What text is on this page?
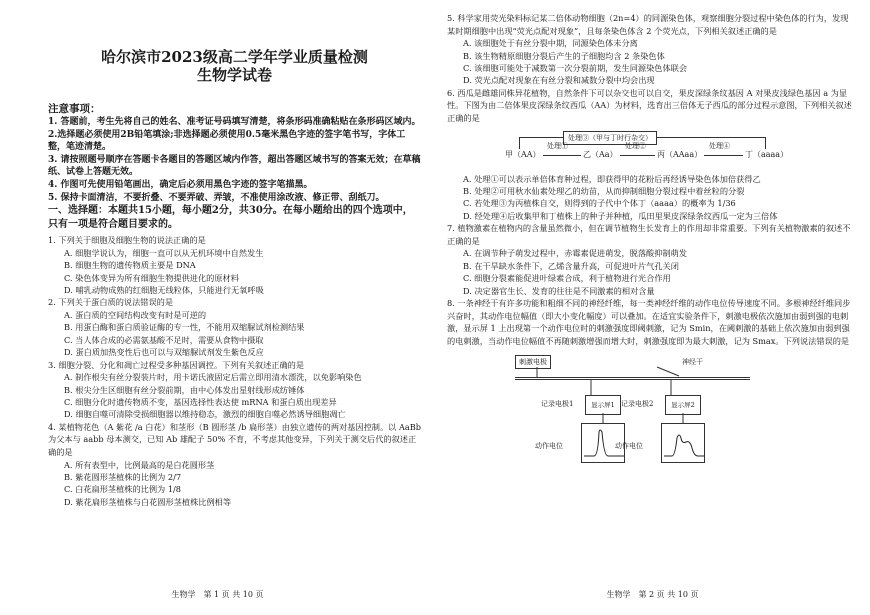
哈尔滨市2023级高二学年学业质量检测
生物学试卷
注意事项：
1. 答题前，考生先将自己的姓名、准考证号码填写清楚，将条形码准确粘贴在条形码区域内。
2.选择题必须使用2B铅笔填涂;非选择题必须使用0.5毫米黑色字迹的签字笔书写，字体工整，笔迹清楚。
3. 请按照题号顺序在答题卡各题目的答题区域内作答，超出答题区域书写的答案无效；在草稿纸、试卷上答题无效。
4. 作图可先使用铅笔画出，确定后必须用黑色字迹的签字笔描黑。
5. 保持卡面清洁，不要折叠、不要弄破、弄皱，不准使用涂改液、修正带、刮纸刀。
一、选择题：本题共15小题，每小题2分，共30分。在每小题给出的四个选项中，只有一项是符合题目要求的。
1. 下列关于细胞及细胞生物的说法正确的是
A. 细胞学说认为，细胞一直可以从无机环境中自然发生
B. 细胞生物的遗传物质主要是 DNA
C. 染色体变异为所有细胞生物提供进化的原材料
D. 哺乳动物成熟的红细胞无线粒体，只能进行无氧呼吸
2. 下列关于蛋白质的说法错误的是
A. 蛋白质的空间结构改变有时是可逆的
B. 用蛋白酶和蛋白质验证酶的专一性，不能用双缩脲试剂检测结果
C. 当人体合成的必需氨基酸不足时，需要从食物中摄取
D. 蛋白质加热变性后也可以与双缩脲试剂发生紫色反应
3. 细胞分裂、分化和凋亡过程受多种基因调控。下列有关叙述正确的是
A. 制作根尖有丝分裂装片时，用卡诺氏液固定后需立即用清水漂洗，以免影响染色
B. 根尖分生区细胞有丝分裂前期，由中心体发出星射线形成纺锤体
C. 细胞分化时遗传物质不变，基因选择性表达使 mRNA 和蛋白质出现差异
D. 细胞自噬可清除受损细胞器以维持稳态，激烈的细胞自噬必然诱导细胞凋亡
4. 某植物花色（A 紫花 /a 白花）和茎形（B 圆形茎 /b 扁形茎）由独立遗传的两对基因控制。以 AaBb 为父本与 aabb 母本测交，已知 Ab 雄配子 50% 不育，不考虑其他变异，下列关于测交后代的叙述正确的是
A. 所有表型中，比例最高的是白花圆形茎
B. 紫花圆形茎植株的比例为 2/7
C. 白花扁形茎植株的比例为 1/8
D. 紫花扁形茎植株与白花圆形茎植株比例相等
生物学　第 1 页 共 10 页
5. 科学家用荧光染料标记某二倍体动物细胞（2n=4）的同源染色体，观察细胞分裂过程中染色体的行为，发现某时期细胞中出现“荧光点配对现象”，且每条染色体含 2 个荧光点，下列相关叙述正确的是
A. 该细胞处于有丝分裂中期，同源染色体未分离
B. 该生物精原细胞分裂后产生的子细胞均含 2 条染色体
C. 该细胞可能处于减数第一次分裂前期，发生同源染色体联会
D. 荧光点配对现象在有丝分裂和减数分裂中均会出现
6. 西瓜是雌雄同株异花植物，自然条件下可以杂交也可以自交，果皮深绿条纹基因 A 对果皮浅绿色基因 a 为显性。下图为由二倍体果皮深绿条纹西瓜（AA）为材料，选育出三倍体无子西瓜的部分过程示意图，下列相关叙述正确的是
处理③（甲与丁时行杂交）
甲（AA）
处理①
乙（Aa）
处理②
丙（AAaa）
处理④
丁（aaaa）
A. 处理①可以表示单倍体育种过程，即获得甲的花粉后再经诱导染色体加倍获得乙
B. 处理②可用秋水仙素处理乙的幼苗，从而抑制细胞分裂过程中着丝粒的分裂
C. 若处理③为丙植株自交，则得到的子代中个体丁（aaaa）的概率为 1/36
D. 经处理④后收集甲和丁植株上的种子并种植，瓜田里果皮深绿条纹西瓜一定为三倍体
7. 植物激素在植物内的含量虽然微小，但在调节植物生长发育上的作用却非常重要。下列有关植物激素的叙述不正确的是
A. 在调节种子萌发过程中，赤霉素促进萌发，脱落酸抑制萌发
B. 在干旱缺水条件下，乙烯含量升高，可促进叶片气孔关闭
C. 细胞分裂素能促进叶绿素合成，利于植物进行光合作用
D. 决定器官生长、发育的往往是不同激素的相对含量
8. 一条神经干有许多功能和粗细不同的神经纤维，每一类神经纤维的动作电位传导速度不同。多根神经纤维同步兴奋时，其动作电位幅值（即大小变化幅度）可以叠加。在适宜实验条件下，刺激电极依次施加由弱到强的电刺激，显示屏 1 上出现第一个动作电位时的刺激强度即阈刺激，记为 Smin，在阈刺激的基础上依次施加由弱到强的电刺激，当动作电位幅值不再随刺激增强而增大时，刺激强度即为最大刺激，记为 Smax。下列说法错误的是
刺激电极	神经干
记录电极1	显示屏1 记录电极2	显示屏2
动作电位	动作电位
生物学　第 2 页 共 10 页
